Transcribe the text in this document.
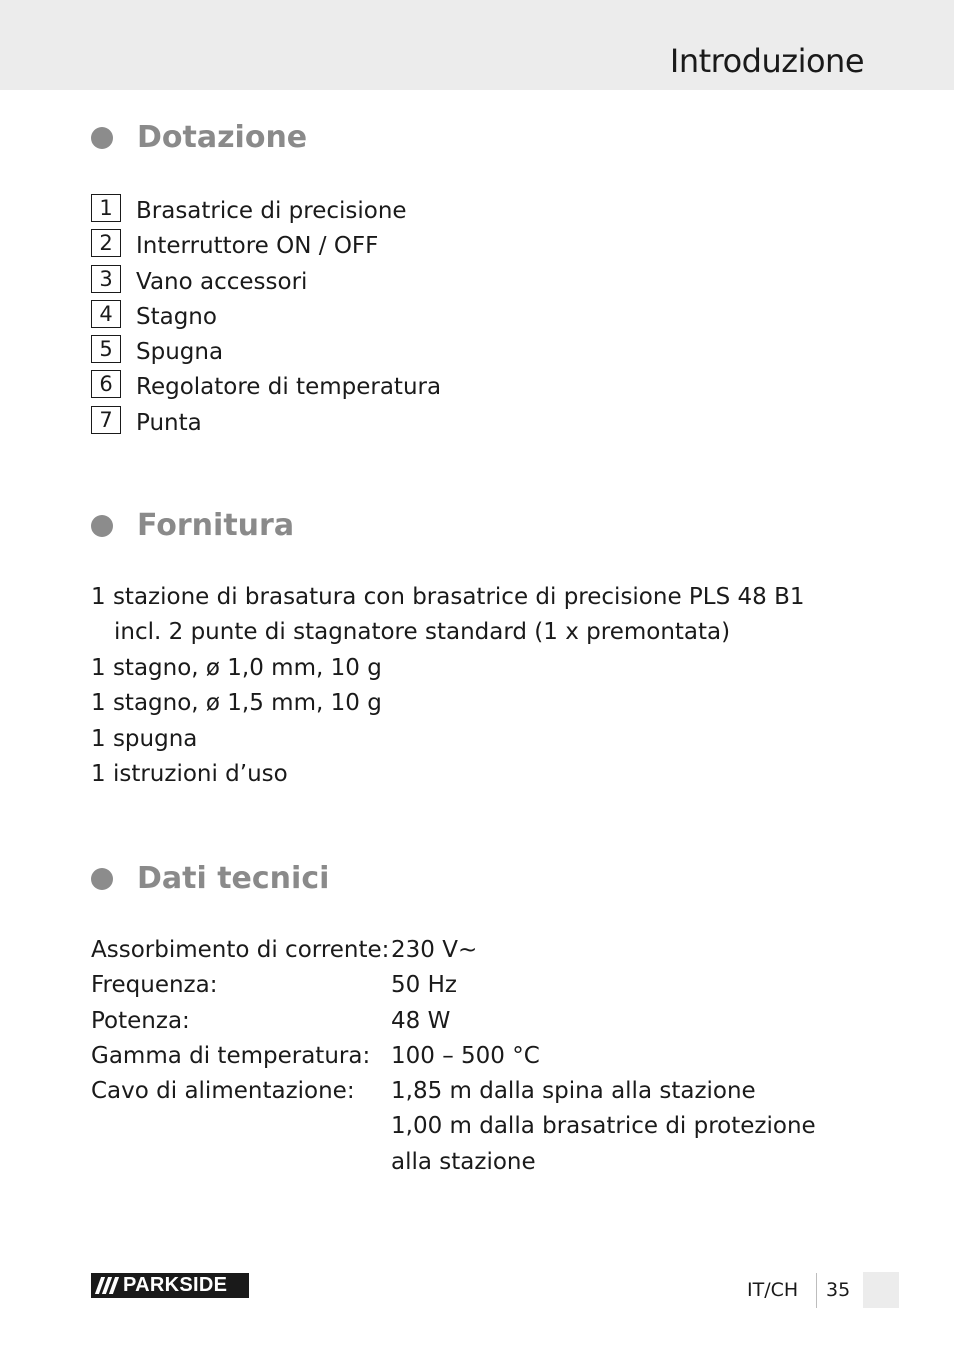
Introduzione
Dotazione
1	Brasatrice di precisione
2	Interruttore ON / OFF
3	Vano accessori
4	Stagno
5	Spugna
6	Regolatore di temperatura
7	Punta
Fornitura
1 stazione di brasatura con brasatrice di precisione PLS 48 B1
incl. 2 punte di stagnatore standard (1 x premontata)
1 stagno, ø 1,0 mm, 10 g
1 stagno, ø 1,5 mm, 10 g
1 spugna
1 istruzioni d’uso
Dati tecnici
Assorbimento di corrente: 230 V~
Frequenza:	50 Hz
Potenza:	48 W
Gamma di temperatura: 100 – 500 °C
Cavo di alimentazione: 1,85 m dalla spina alla stazione
1,00 m dalla brasatrice di protezione
alla stazione
PARKSIDE	IT/CH 35
